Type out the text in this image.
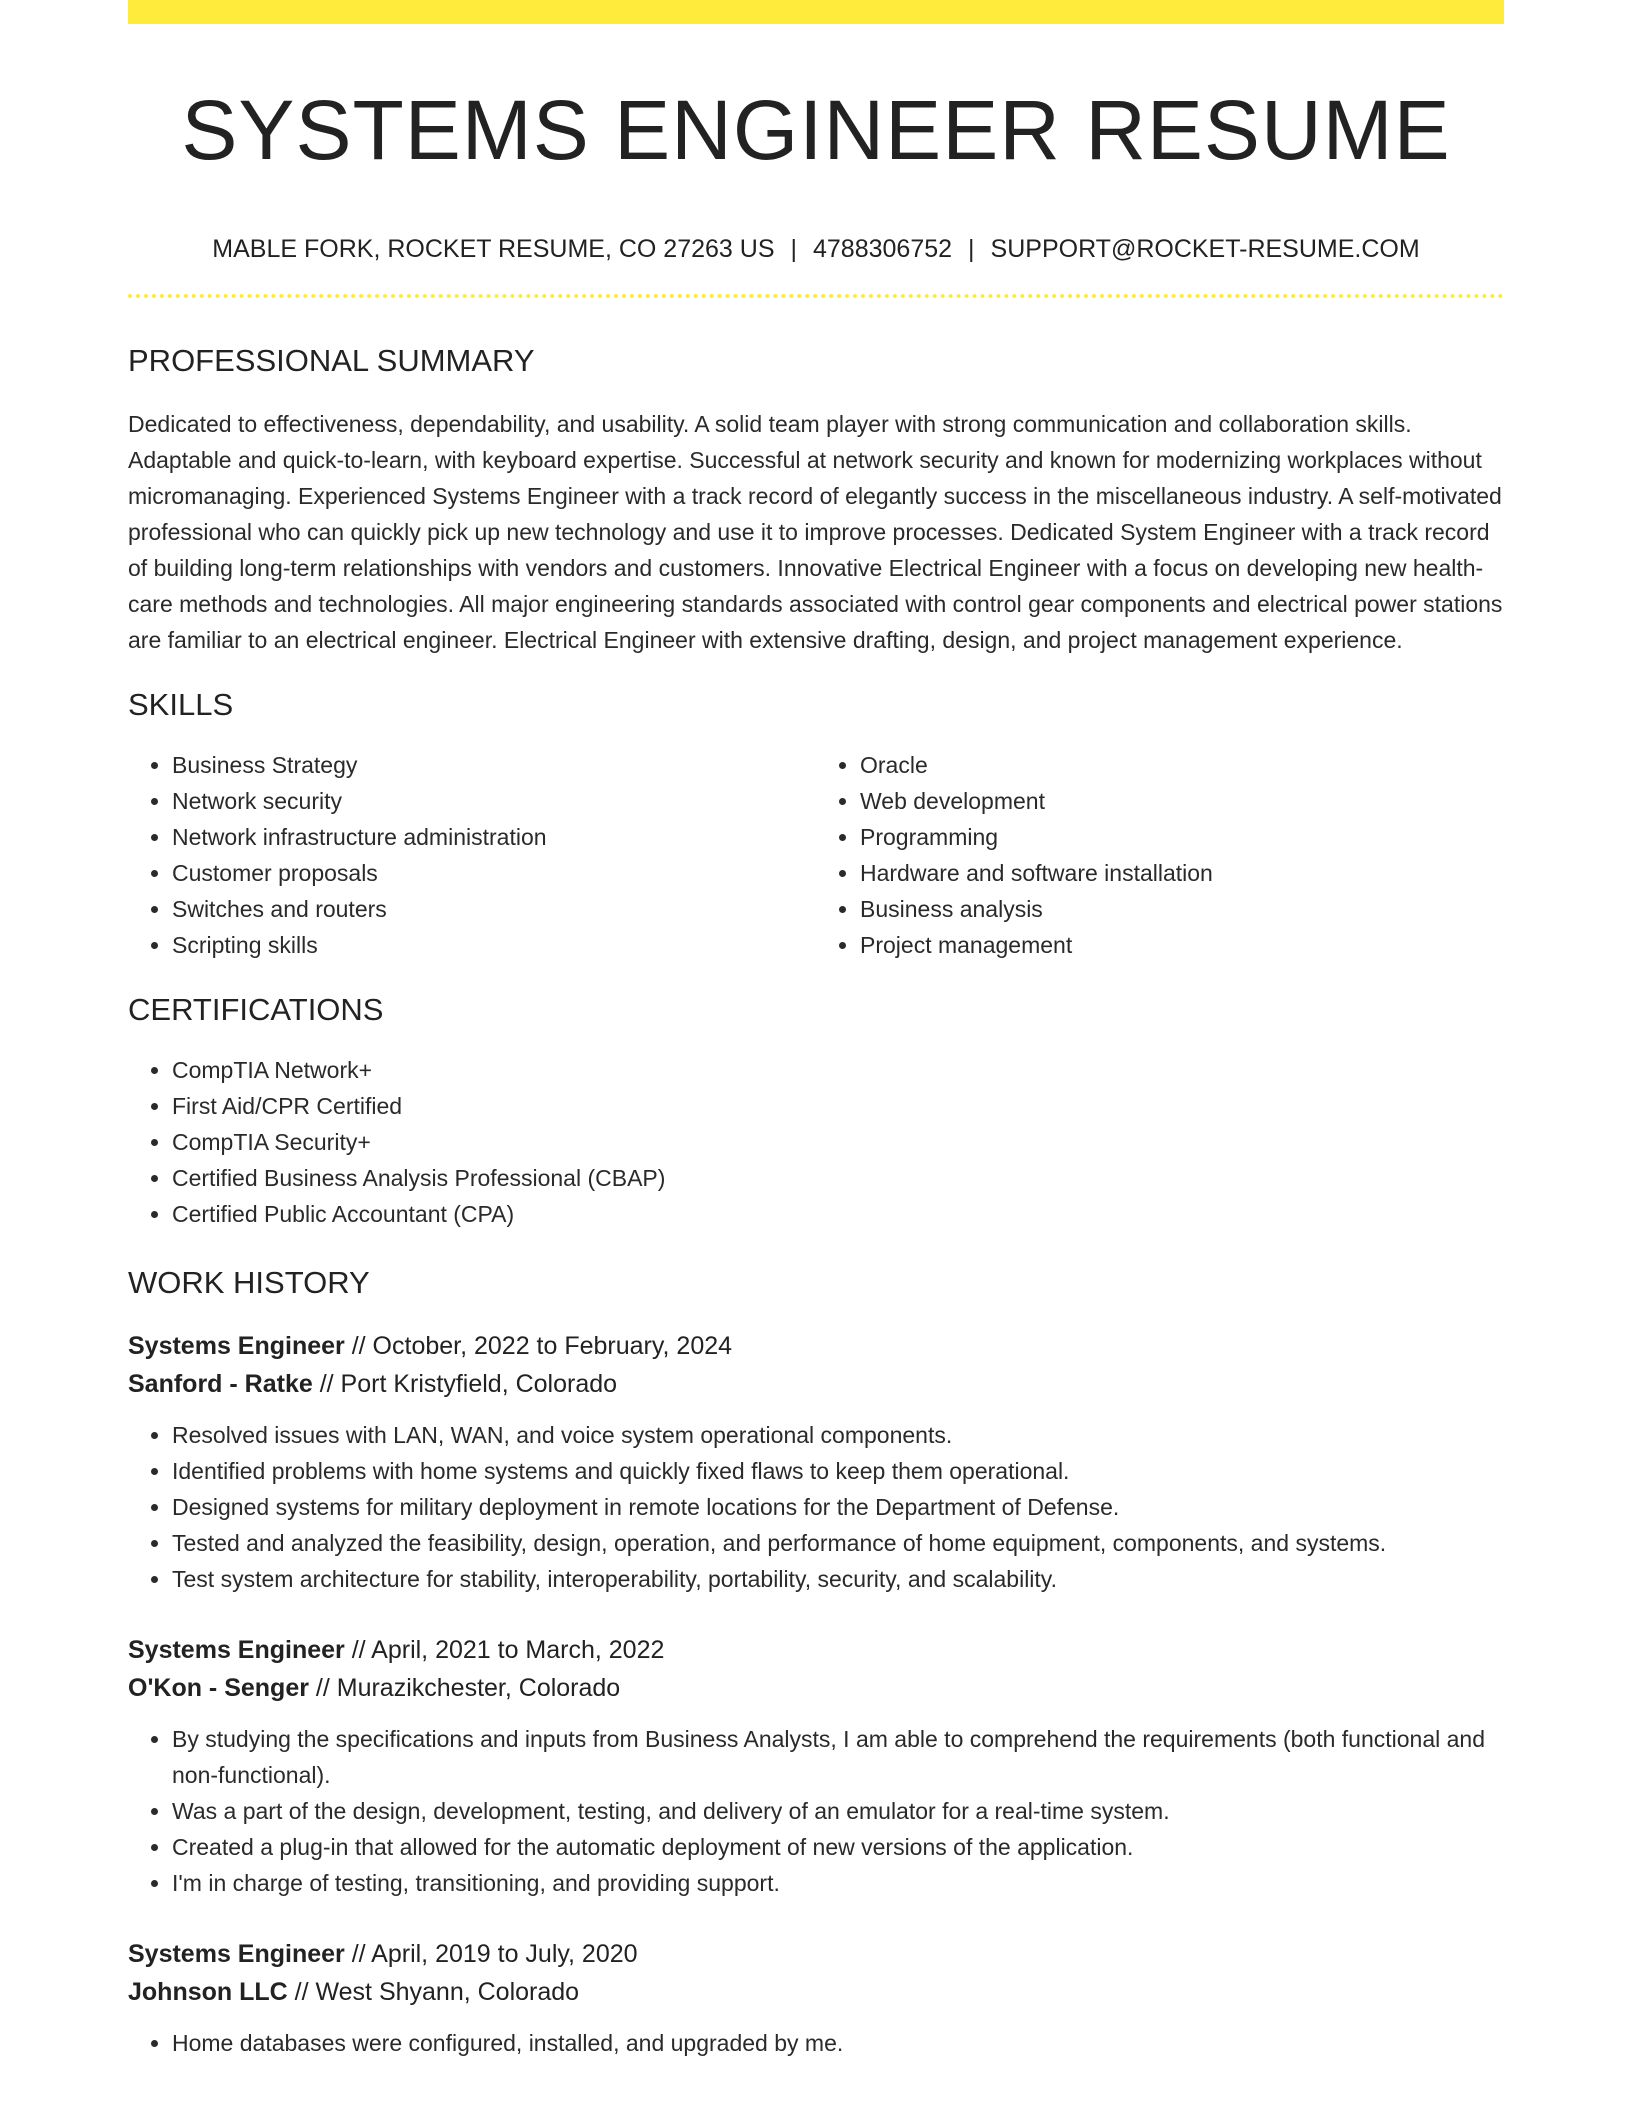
SYSTEMS ENGINEER RESUME
MABLE FORK, ROCKET RESUME, CO 27263 US | 4788306752 | SUPPORT@ROCKET-RESUME.COM
PROFESSIONAL SUMMARY

Dedicated to effectiveness, dependability, and usability. A solid team player with strong communication and collaboration skills. Adaptable and quick-to-learn, with keyboard expertise. Successful at network security and known for modernizing workplaces without micromanaging. Experienced Systems Engineer with a track record of elegantly success in the miscellaneous industry. A self-motivated professional who can quickly pick up new technology and use it to improve processes. Dedicated System Engineer with a track record of building long-term relationships with vendors and customers. Innovative Electrical Engineer with a focus on developing new health-care methods and technologies. All major engineering standards associated with control gear components and electrical power stations are familiar to an electrical engineer. Electrical Engineer with extensive drafting, design, and project management experience.

SKILLS
• Business Strategy
• Network security
• Network infrastructure administration
• Customer proposals
• Switches and routers
• Scripting skills
• Oracle
• Web development
• Programming
• Hardware and software installation
• Business analysis
• Project management
CERTIFICATIONS
• CompTIA Network+
• First Aid/CPR Certified
• CompTIA Security+
• Certified Business Analysis Professional (CBAP)
• Certified Public Accountant (CPA)
WORK HISTORY
Systems Engineer // October, 2022 to February, 2024
Sanford - Ratke // Port Kristyfield, Colorado
• Resolved issues with LAN, WAN, and voice system operational components.
• Identified problems with home systems and quickly fixed flaws to keep them operational.
• Designed systems for military deployment in remote locations for the Department of Defense.
• Tested and analyzed the feasibility, design, operation, and performance of home equipment, components, and systems.
• Test system architecture for stability, interoperability, portability, security, and scalability.
Systems Engineer // April, 2021 to March, 2022
O'Kon - Senger // Murazikchester, Colorado
• By studying the specifications and inputs from Business Analysts, I am able to comprehend the requirements (both functional and non-functional).
• Was a part of the design, development, testing, and delivery of an emulator for a real-time system.
• Created a plug-in that allowed for the automatic deployment of new versions of the application.
• I'm in charge of testing, transitioning, and providing support.
Systems Engineer // April, 2019 to July, 2020
Johnson LLC // West Shyann, Colorado
• Home databases were configured, installed, and upgraded by me.
